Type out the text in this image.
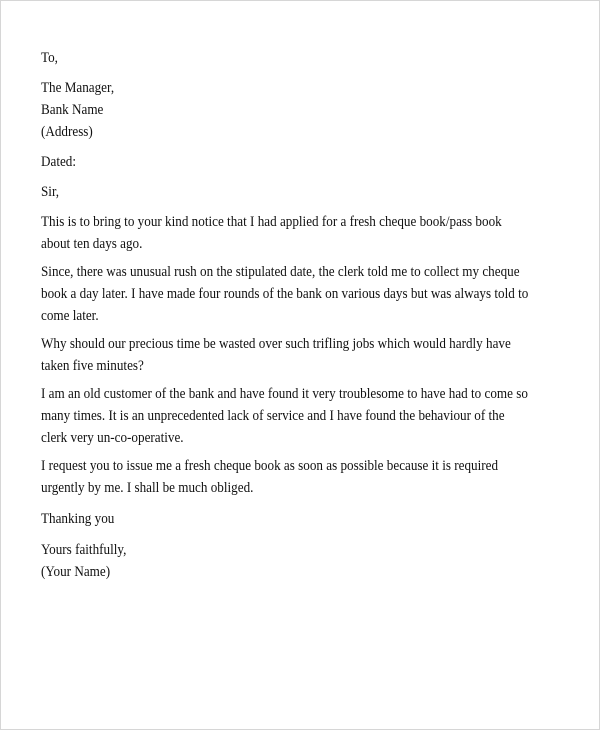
To,

The Manager,

Bank Name

(Address)

Dated:

Sir,

This is to bring to your kind notice that I had applied for a fresh cheque book/pass book about ten days ago.

Since, there was unusual rush on the stipulated date, the clerk told me to collect my cheque book a day later. I have made four rounds of the bank on various days but was always told to come later.

Why should our precious time be wasted over such trifling jobs which would hardly have taken five minutes?

I am an old customer of the bank and have found it very troublesome to have had to come so many times. It is an unprecedented lack of service and I have found the behaviour of the clerk very un-co-operative.

I request you to issue me a fresh cheque book as soon as possible because it is required urgently by me. I shall be much obliged.

Thanking you

Yours faithfully,

(Your Name)
